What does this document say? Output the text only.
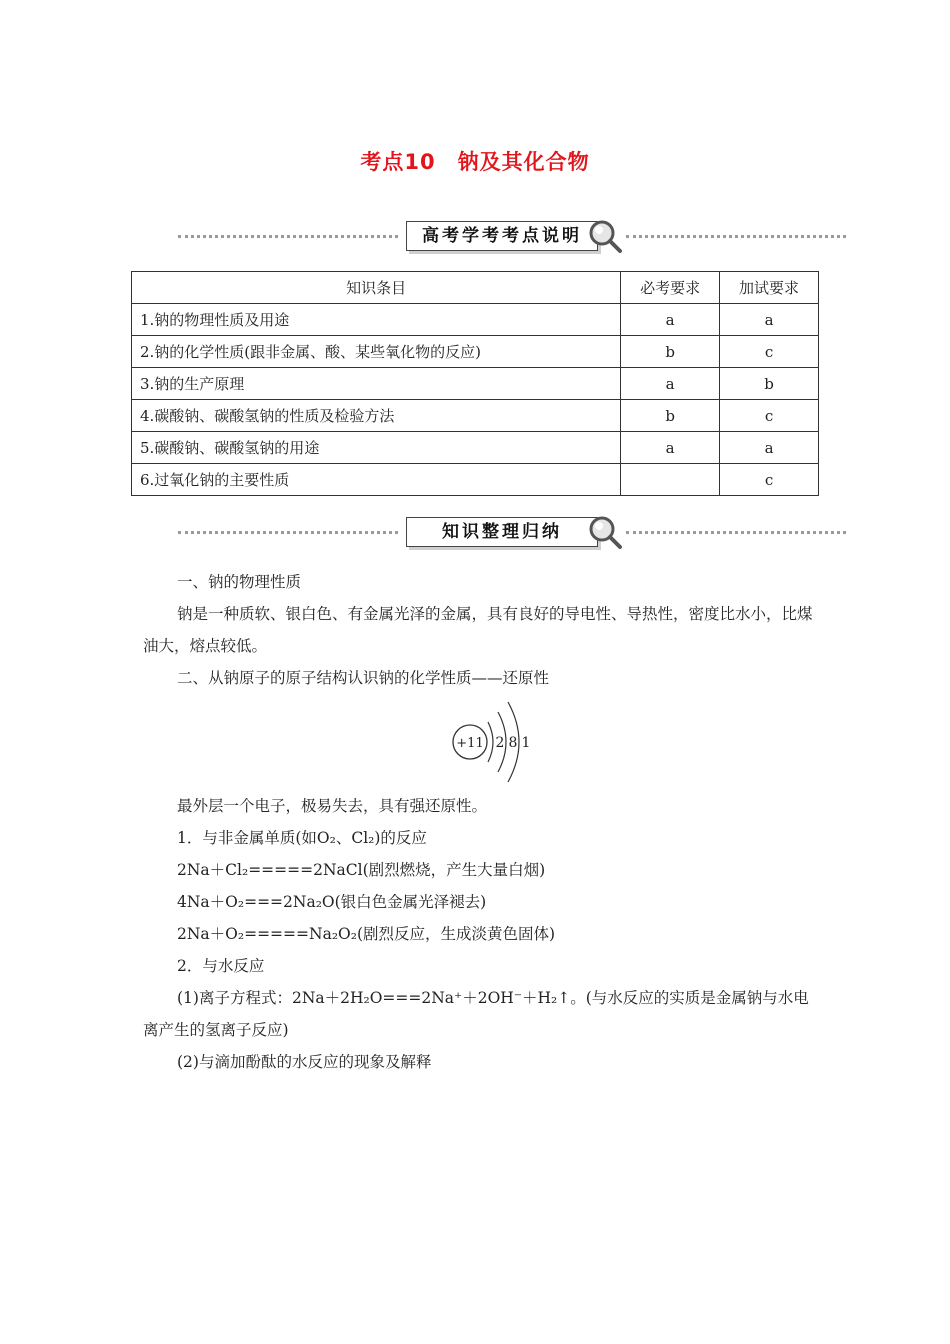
考点10　钠及其化合物
高考学考考点说明
知识条目	必考要求	加试要求
1.钠的物理性质及用途	a	a
2.钠的化学性质(跟非金属、酸、某些氧化物的反应)	b	c
3.钠的生产原理	a	b
4.碳酸钠、碳酸氢钠的性质及检验方法	b	c
5.碳酸钠、碳酸氢钠的用途	a	a
6.过氧化钠的主要性质		c
知识整理归纳
一、钠的物理性质
钠是一种质软、银白色、有金属光泽的金属，具有良好的导电性、导热性，密度比水小，比煤油大，熔点较低。
二、从钠原子的原子结构认识钠的化学性质——还原性
+11 2 8 1
最外层一个电子，极易失去，具有强还原性。
1．与非金属单质(如O₂、Cl₂)的反应
2Na＋Cl₂=====2NaCl(剧烈燃烧，产生大量白烟)
4Na＋O₂===2Na₂O(银白色金属光泽褪去)
2Na＋O₂=====Na₂O₂(剧烈反应，生成淡黄色固体)
2．与水反应
(1)离子方程式：2Na＋2H₂O===2Na⁺＋2OH⁻＋H₂↑。(与水反应的实质是金属钠与水电离产生的氢离子反应)
(2)与滴加酚酞的水反应的现象及解释
